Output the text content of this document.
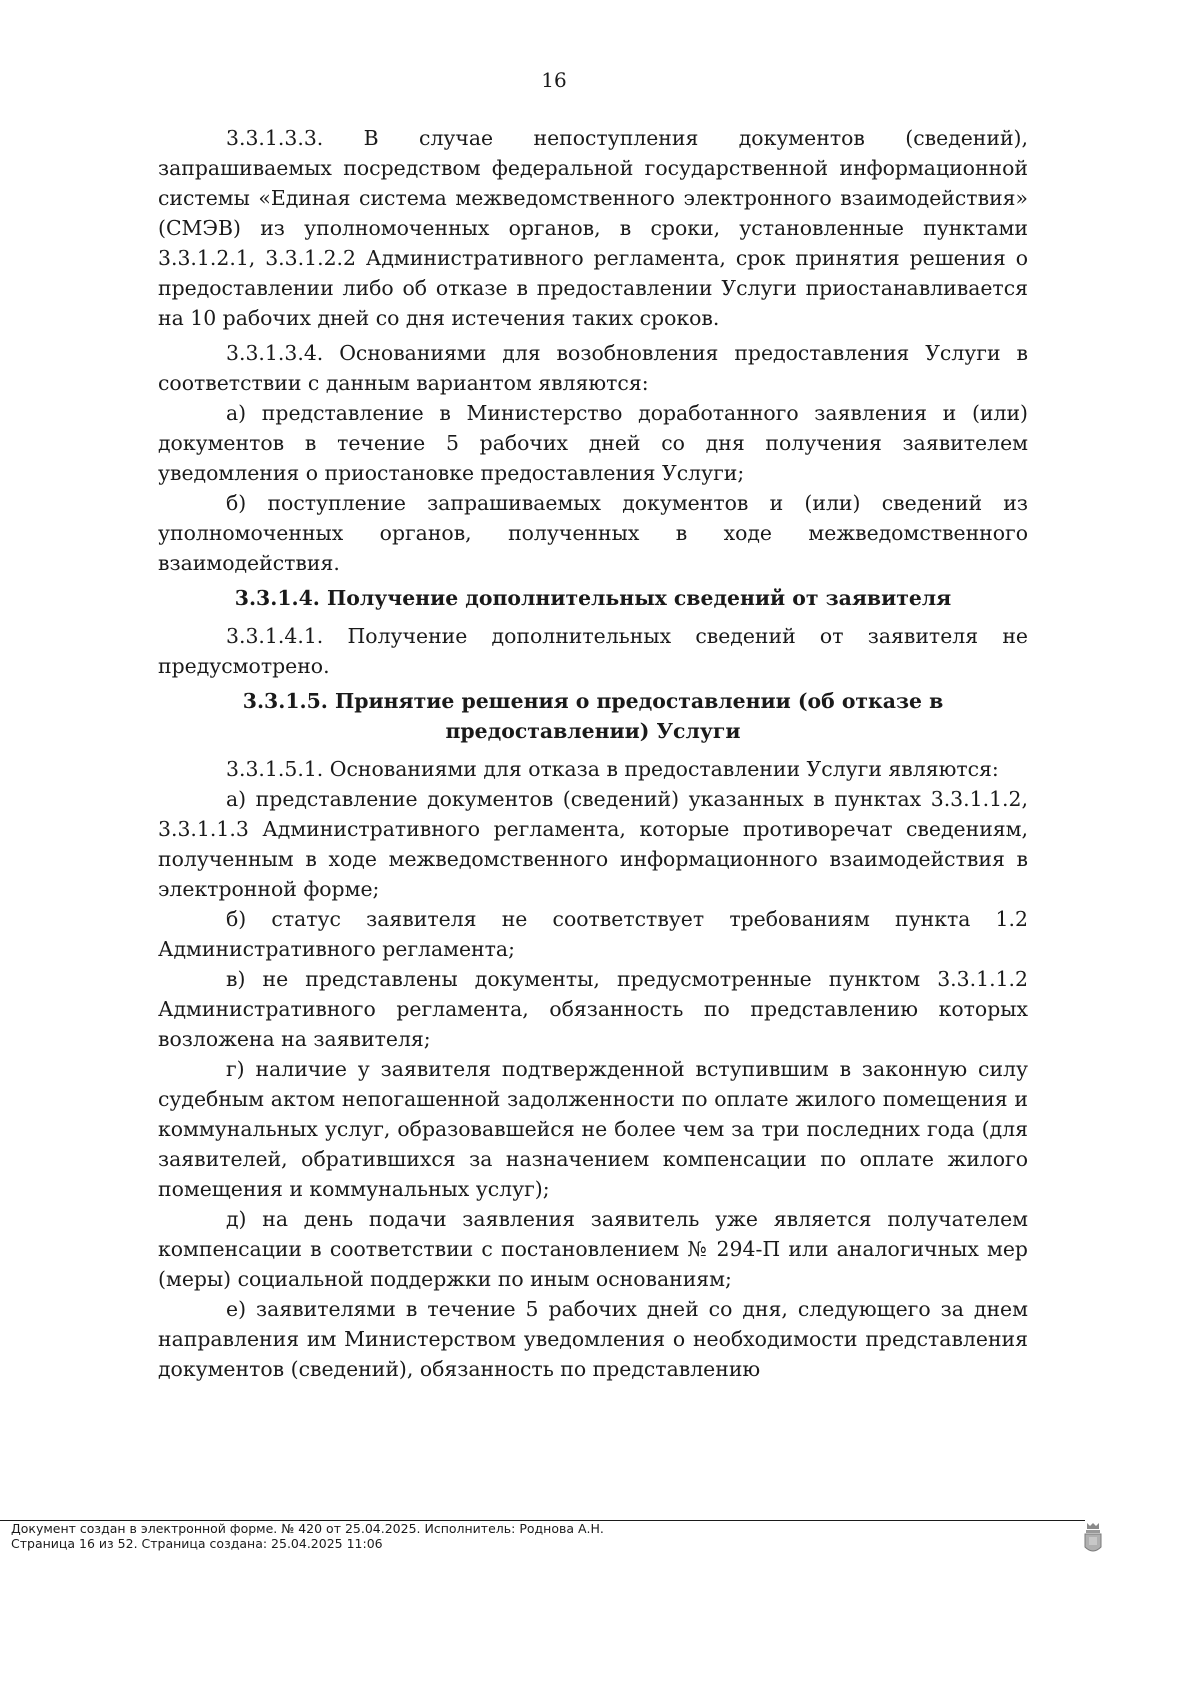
16

3.3.1.3.3. В случае непоступления документов (сведений), запрашиваемых посредством федеральной государственной информационной системы «Единая система межведомственного электронного взаимодействия» (СМЭВ) из уполномоченных органов, в сроки, установленные пунктами 3.3.1.2.1, 3.3.1.2.2 Административного регламента, срок принятия решения о предоставлении либо об отказе в предоставлении Услуги приостанавливается на 10 рабочих дней со дня истечения таких сроков.

3.3.1.3.4. Основаниями для возобновления предоставления Услуги в соответствии с данным вариантом являются:

а) представление в Министерство доработанного заявления и (или) документов в течение 5 рабочих дней со дня получения заявителем уведомления о приостановке предоставления Услуги;

б) поступление запрашиваемых документов и (или) сведений из уполномоченных органов, полученных в ходе межведомственного взаимодействия.

3.3.1.4. Получение дополнительных сведений от заявителя

3.3.1.4.1. Получение дополнительных сведений от заявителя не предусмотрено.

3.3.1.5. Принятие решения о предоставлении (об отказе в
предоставлении) Услуги

3.3.1.5.1. Основаниями для отказа в предоставлении Услуги являются:

а) представление документов (сведений) указанных в пунктах 3.3.1.1.2, 3.3.1.1.3 Административного регламента, которые противоречат сведениям, полученным в ходе межведомственного информационного взаимодействия в электронной форме;

б) статус заявителя не соответствует требованиям пункта 1.2 Административного регламента;

в) не представлены документы, предусмотренные пунктом 3.3.1.1.2 Административного регламента, обязанность по представлению которых возложена на заявителя;

г) наличие у заявителя подтвержденной вступившим в законную силу судебным актом непогашенной задолженности по оплате жилого помещения и коммунальных услуг, образовавшейся не более чем за три последних года (для заявителей, обратившихся за назначением компенсации по оплате жилого помещения и коммунальных услуг);

д) на день подачи заявления заявитель уже является получателем компенсации в соответствии с постановлением № 294-П или аналогичных мер (меры) социальной поддержки по иным основаниям;

е) заявителями в течение 5 рабочих дней со дня, следующего за днем направления им Министерством уведомления о необходимости представления документов (сведений), обязанность по представлению

Документ создан в электронной форме. № 420 от 25.04.2025. Исполнитель: Роднова А.Н.
Страница 16 из 52. Страница создана: 25.04.2025 11:06
